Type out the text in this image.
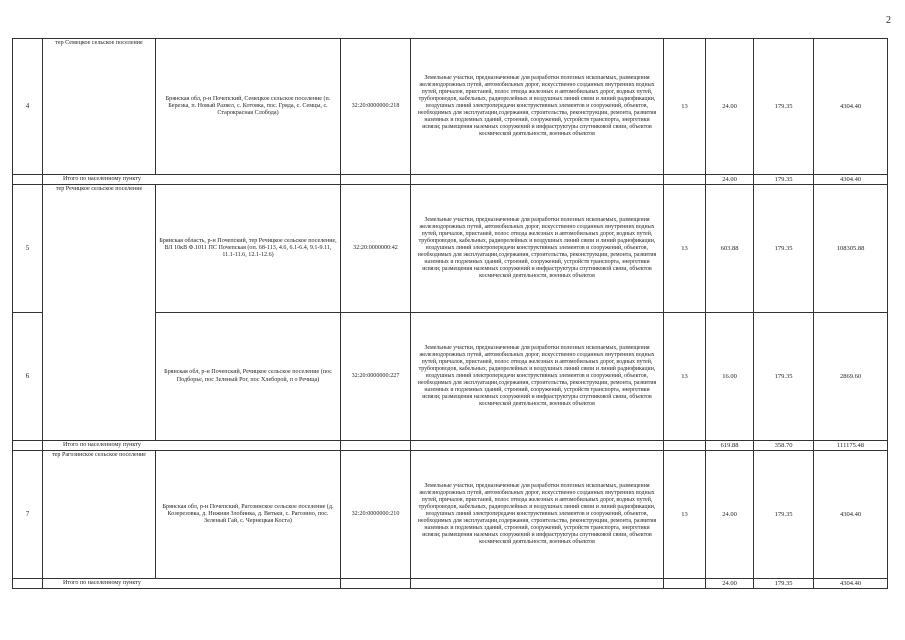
2
4	тер Семецкое сельское поселение	Брянская обл, р-н Почепский, Семецкое сельское поселение (п. Березка, п. Новый Развел, с. Котовка, пос. Гряда, с. Семцы, с. Старокрасная Слобода)	32:20:0000000:218	Земельные участки, предназначенные для разработки полезных ископаемых, размещения железнодорожных путей, автомобильных дорог, искусственно созданных внутренних водных путей, причалов, пристаней, полос отвода железных и автомобильных дорог, водных путей, трубопроводов, кабельных, радиорелейных и воздушных линий связи и линий радиофикации, воздушных линий электропередачи конструктивных элементов и сооружений, объектов, необходимых для эксплуатации,содержания, строительства, реконструкции, ремонта, развития наземных и подземных зданий, строений, сооружений, устройств транспорта, энергетики исвязи; размещения наземных сооружений и инфраструктуры спутниковой связи, объектов космической деятельности, военных объектов	13	24.00	179.35	4304.40
	Итого по населенному пункту					24.00	179.35	4304.40
5	тер Речицкое сельское поселение	Брянская область, р-н Почепский, тер Речицкое сельское поселение, ВЛ 10кВ Ф.1011 ПС Почепская (оп. 68-113, 4.6, 6.1-6.4, 9.1-9.11, 11.1-11.6, 12.1-12.6)	32:20:0000000:42	Земельные участки, предназначенные для разработки полезных ископаемых, размещения железнодорожных путей, автомобильных дорог, искусственно созданных внутренних водных путей, причалов, пристаней, полос отвода железных и автомобильных дорог, водных путей, трубопроводов, кабельных, радиорелейных и воздушных линий связи и линий радиофикации, воздушных линий электропередачи конструктивных элементов и сооружений, объектов, необходимых для эксплуатации,содержания, строительства, реконструкции, ремонта, развития наземных и подземных зданий, строений, сооружений, устройств транспорта, энергетики исвязи; размещения наземных сооружений и инфраструктуры спутниковой связи, объектов космической деятельности, военных объектов	13	603.88	179.35	108305.88
6		Брянская обл, р-н Почепский, Речицкое сельское поселение (пос Подборье, пос Зеленый Рог, пос Хлеборой, п о Речица)	32:20:0000000:227	Земельные участки, предназначенные для разработки полезных ископаемых, размещения железнодорожных путей, автомобильных дорог, искусственно созданных внутренних водных путей, причалов, пристаней, полос отвода железных и автомобильных дорог, водных путей, трубопроводов, кабельных, радиорелейных и воздушных линий связи и линий радиофикации, воздушных линий электропередачи конструктивных элементов и сооружений, объектов, необходимых для эксплуатации,содержания, строительства, реконструкции, ремонта, развития наземных и подземных зданий, строений, сооружений, устройств транспорта, энергетики исвязи; размещения наземных сооружений и инфраструктуры спутниковой связи, объектов космической деятельности, военных объектов	13	16.00	179.35	2869.60
	Итого по населенному пункту					619.88	358.70	111175.48
7	тер Рагозинское сельское поселение	Брянская обл, р-н Почепский, Рагозинское сельское поселение (д. Козерезовка, д. Нижняя Злобинка, д. Вятьки, с. Рагозино, пос. Зеленый Гай, с. Чернецкая Коста)	32:20:0000000:210	Земельные участки, предназначенные для разработки полезных ископаемых, размещения железнодорожных путей, автомобильных дорог, искусственно созданных внутренних водных путей, причалов, пристаней, полос отвода железных и автомобильных дорог, водных путей, трубопроводов, кабельных, радиорелейных и воздушных линий связи и линий радиофикации, воздушных линий электропередачи конструктивных элементов и сооружений, объектов, необходимых для эксплуатации,содержания, строительства, реконструкции, ремонта, развития наземных и подземных зданий, строений, сооружений, устройств транспорта, энергетики исвязи; размещения наземных сооружений и инфраструктуры спутниковой связи, объектов космической деятельности, военных объектов	13	24.00	179.35	4304.40
	Итого по населенному пункту					24.00	179.35	4304.40
